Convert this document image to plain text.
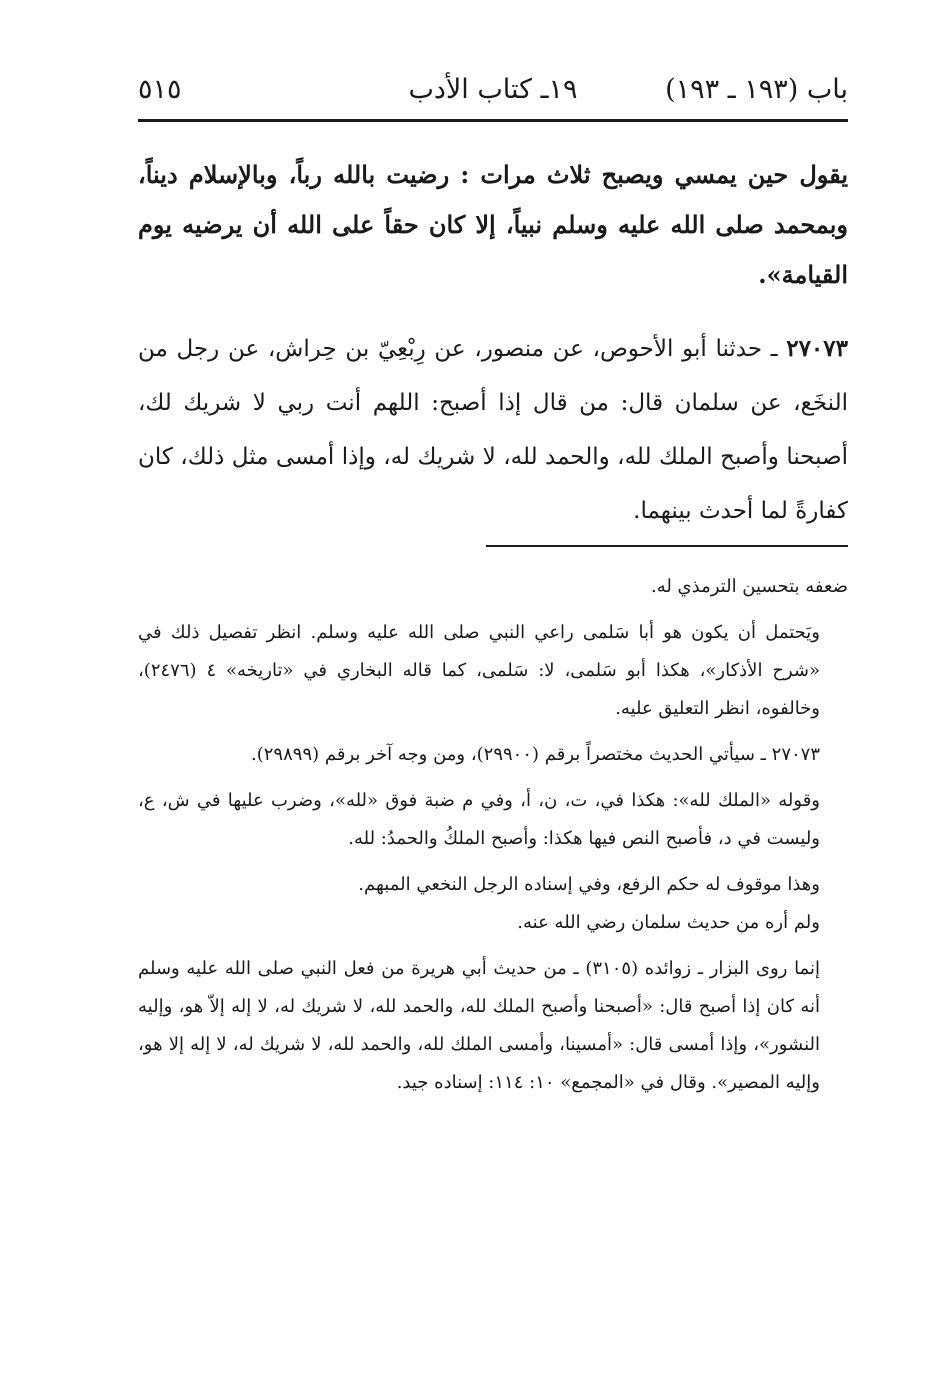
باب (١٩٣ ـ ١٩٣)
١٩ـ كتاب الأدب
٥١٥

يقول حين يمسي ويصبح ثلاث مرات : رضيت بالله رباً، وبالإسلام ديناً، وبمحمد صلى الله عليه وسلم نبياً، إلا كان حقاً على الله أن يرضيه يوم القيامة».

٢٧٠٧٣ ـ حدثنا أبو الأحوص، عن منصور، عن رِبْعِيّ بن حِراش، عن رجل من النخَع، عن سلمان قال: من قال إذا أصبح: اللهم أنت ربي لا شريك لك، أصبحنا وأصبح الملك لله، والحمد لله، لا شريك له، وإذا أمسى مثل ذلك، كان كفارةً لما أحدث بينهما.

ضعفه بتحسين الترمذي له.

ويَحتمل أن يكون هو أبا سَلمى راعي النبي صلى الله عليه وسلم. انظر تفصيل ذلك في «شرح الأذكار»، هكذا أبو سَلمى، لا: سَلمى، كما قاله البخاري في «تاريخه» ٤ (٢٤٧٦)، وخالفوه، انظر التعليق عليه.

٢٧٠٧٣ ـ سيأتي الحديث مختصراً برقم (٢٩٩٠٠)، ومن وجه آخر برقم (٢٩٨٩٩).

وقوله «الملك لله»: هكذا في، ت، ن، أ، وفي م ضبة فوق «لله»، وضرب عليها في ش، ع، وليست في د، فأصبح النص فيها هكذا: وأصبح الملكُ والحمدُ: لله.

وهذا موقوف له حكم الرفع، وفي إسناده الرجل النخعي المبهم.

ولم أره من حديث سلمان رضي الله عنه.

إنما روى البزار ـ زوائده (٣١٠٥) ـ من حديث أبي هريرة من فعل النبي صلى الله عليه وسلم أنه كان إذا أصبح قال: «أصبحنا وأصبح الملك لله، والحمد لله، لا شريك له، لا إله إلاّ هو، وإليه النشور»، وإذا أمسى قال: «أمسينا، وأمسى الملك لله، والحمد لله، لا شريك له، لا إله إلا هو، وإليه المصير». وقال في «المجمع» ١٠: ١١٤: إسناده جيد.
